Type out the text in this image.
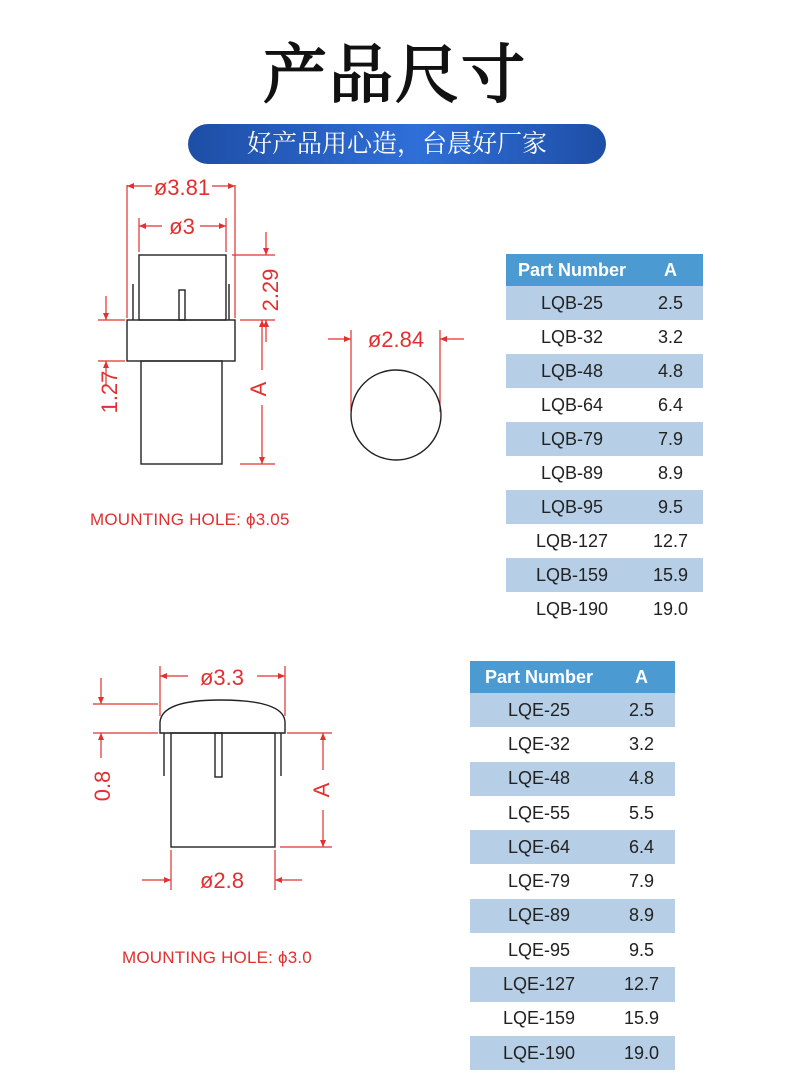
产品尺寸
好产品用心造，台晨好厂家
ø3.81
ø3
2.29
1.27	A
ø2.84
ø3.3
0.8	A
ø2.8
MOUNTING HOLE: ϕ3.05
MOUNTING HOLE: ϕ3.0
Part Number	A
LQB-25	2.5
LQB-32	3.2
LQB-48	4.8
LQB-64	6.4
LQB-79	7.9
LQB-89	8.9
LQB-95	9.5
LQB-127	12.7
LQB-159	15.9
LQB-190	19.0
Part Number	A
LQE-25	2.5
LQE-32	3.2
LQE-48	4.8
LQE-55	5.5
LQE-64	6.4
LQE-79	7.9
LQE-89	8.9
LQE-95	9.5
LQE-127	12.7
LQE-159	15.9
LQE-190	19.0
